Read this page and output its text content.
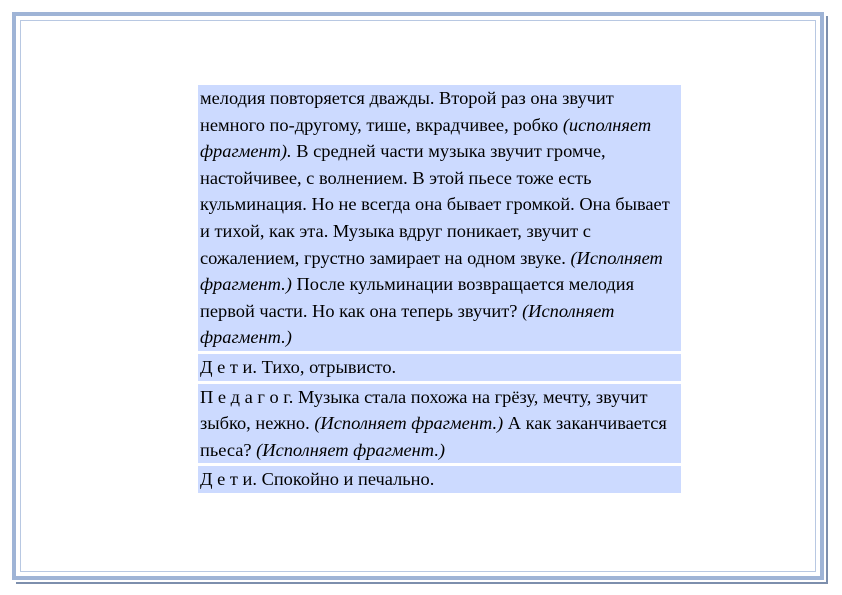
мелодия повторяется дважды. Второй раз она звучит немного по-другому, тише, вкрадчивее, робко (исполняет фрагмент). В средней части музыка звучит громче, настойчивее, с волнением. В этой пьесе тоже есть кульминация. Но не всегда она бывает громкой. Она бывает и тихой, как эта. Музыка вдруг поникает, звучит с сожалением, грустно замирает на одном звуке. (Исполняет фрагмент.) После кульминации возвращается мелодия первой части. Но как она теперь звучит? (Исполняет фрагмент.)

Д е т и. Тихо, отрывисто.

П е д а г о г. Музыка стала похожа на грёзу, мечту, звучит зыбко, нежно. (Исполняет фрагмент.) А как заканчивается пьеса? (Исполняет фрагмент.)

Д е т и. Спокойно и печально.
